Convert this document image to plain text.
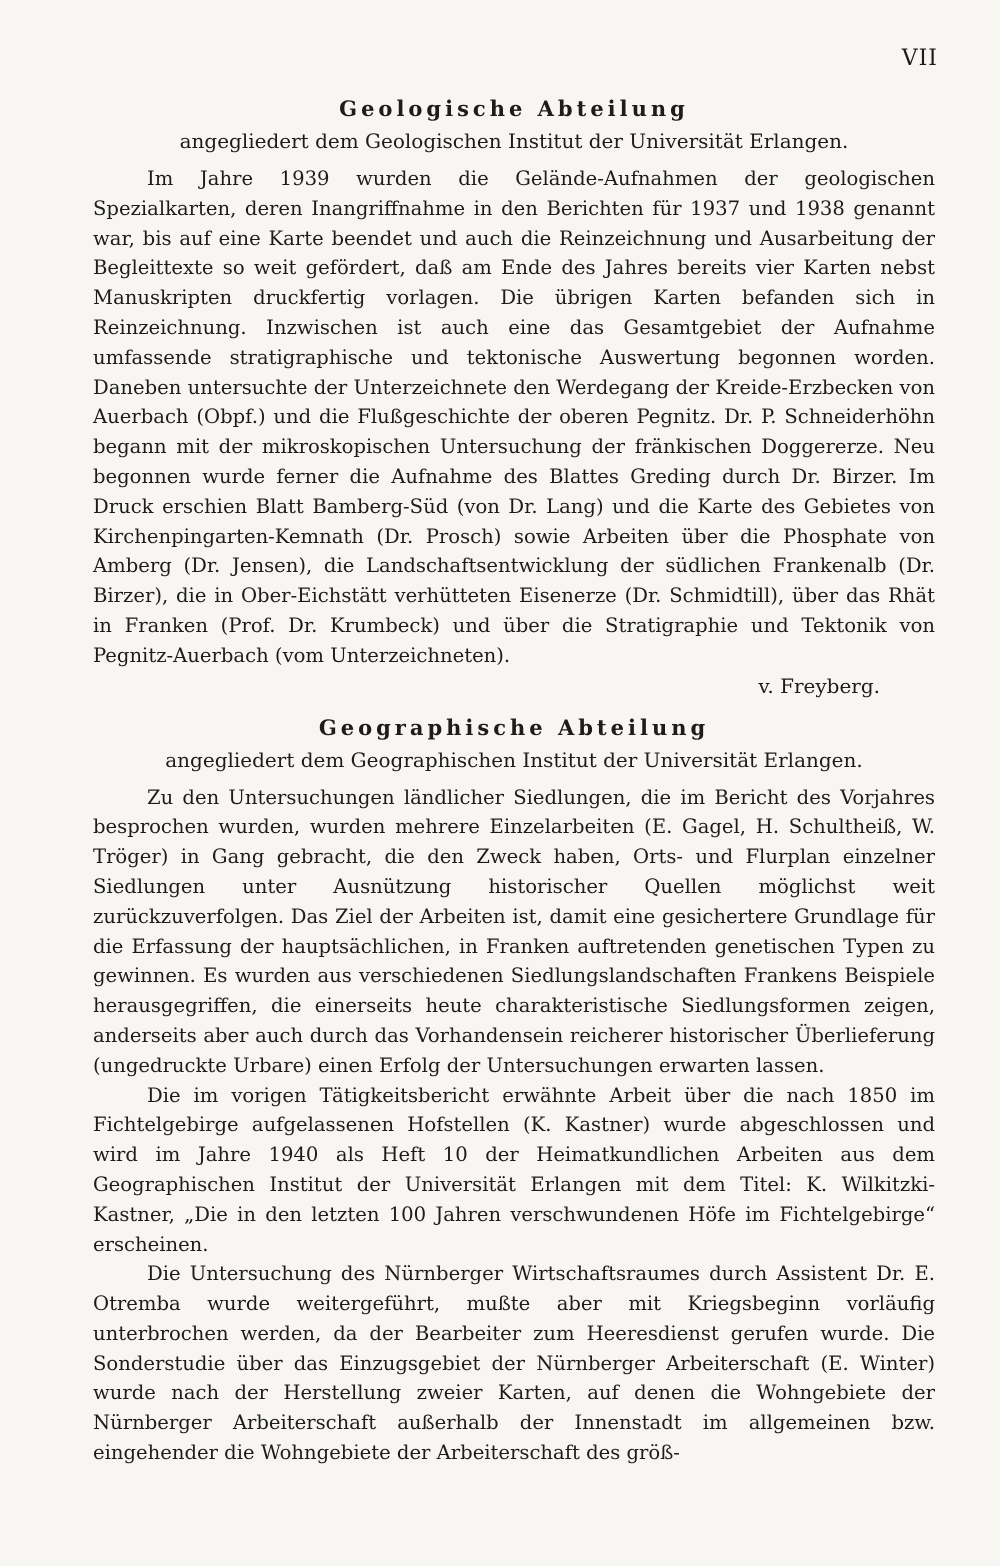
VII
Geologische Abteilung

angegliedert dem Geologischen Institut der Universität Erlangen.

Im Jahre 1939 wurden die Gelände-Aufnahmen der geologischen Spezialkarten, deren Inangriffnahme in den Berichten für 1937 und 1938 genannt war, bis auf eine Karte beendet und auch die Reinzeichnung und Ausarbeitung der Begleittexte so weit gefördert, daß am Ende des Jahres bereits vier Karten nebst Manuskripten druckfertig vorlagen. Die übrigen Karten befanden sich in Reinzeichnung. Inzwischen ist auch eine das Gesamtgebiet der Aufnahme umfassende stratigraphische und tektonische Auswertung begonnen worden. Daneben untersuchte der Unterzeichnete den Werdegang der Kreide-Erzbecken von Auerbach (Obpf.) und die Flußgeschichte der oberen Pegnitz. Dr. P. Schneiderhöhn begann mit der mikroskopischen Untersuchung der fränkischen Doggererze. Neu begonnen wurde ferner die Aufnahme des Blattes Greding durch Dr. Birzer. Im Druck erschien Blatt Bamberg-Süd (von Dr. Lang) und die Karte des Gebietes von Kirchenpingarten-Kemnath (Dr. Prosch) sowie Arbeiten über die Phosphate von Amberg (Dr. Jensen), die Landschaftsentwicklung der südlichen Frankenalb (Dr. Birzer), die in Ober-Eichstätt verhütteten Eisenerze (Dr. Schmidtill), über das Rhät in Franken (Prof. Dr. Krumbeck) und über die Stratigraphie und Tektonik von Pegnitz-Auerbach (vom Unterzeichneten).

v. Freyberg.

Geographische Abteilung

angegliedert dem Geographischen Institut der Universität Erlangen.

Zu den Untersuchungen ländlicher Siedlungen, die im Bericht des Vorjahres besprochen wurden, wurden mehrere Einzelarbeiten (E. Gagel, H. Schultheiß, W. Tröger) in Gang gebracht, die den Zweck haben, Orts- und Flurplan einzelner Siedlungen unter Ausnützung historischer Quellen möglichst weit zurückzuverfolgen. Das Ziel der Arbeiten ist, damit eine gesichertere Grundlage für die Erfassung der hauptsächlichen, in Franken auftretenden genetischen Typen zu gewinnen. Es wurden aus verschiedenen Siedlungslandschaften Frankens Beispiele herausgegriffen, die einerseits heute charakteristische Siedlungsformen zeigen, anderseits aber auch durch das Vorhandensein reicherer historischer Überlieferung (ungedruckte Urbare) einen Erfolg der Untersuchungen erwarten lassen.

Die im vorigen Tätigkeitsbericht erwähnte Arbeit über die nach 1850 im Fichtelgebirge aufgelassenen Hofstellen (K. Kastner) wurde abgeschlossen und wird im Jahre 1940 als Heft 10 der Heimatkundlichen Arbeiten aus dem Geographischen Institut der Universität Erlangen mit dem Titel: K. Wilkitzki-Kastner, „Die in den letzten 100 Jahren verschwundenen Höfe im Fichtelgebirge“ erscheinen.

Die Untersuchung des Nürnberger Wirtschaftsraumes durch Assistent Dr. E. Otremba wurde weitergeführt, mußte aber mit Kriegsbeginn vorläufig unterbrochen werden, da der Bearbeiter zum Heeresdienst gerufen wurde. Die Sonderstudie über das Einzugsgebiet der Nürnberger Arbeiterschaft (E. Winter) wurde nach der Herstellung zweier Karten, auf denen die Wohngebiete der Nürnberger Arbeiterschaft außerhalb der Innenstadt im allgemeinen bzw. eingehender die Wohngebiete der Arbeiterschaft des größ-
